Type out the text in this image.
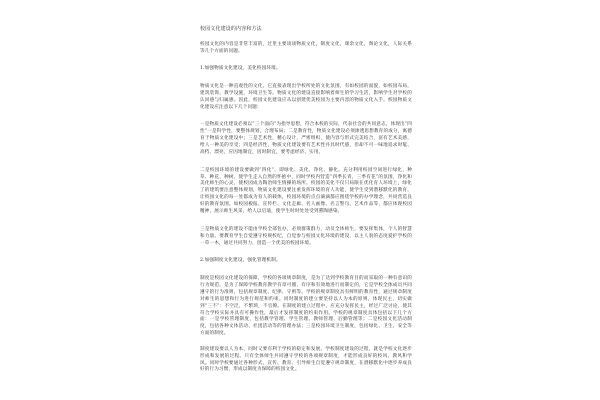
校园文化建设的内容和方法

校园文化的内容是非常丰富的，过里主要谈谈物质文化，制度文化，课余文化，舆论文化，人际关系等几个方面的问题。

1.加强物质文化建设，美化校园环境。

物质文化是一种直观性的文化，它直接表现出学校所处的文化氛围，有如校园的面貌，如校园布局，建筑装饰，教学设施，环境卫生等。物质文化的建设直接影响着师生的学习生活，影响学生对学校的认同感与归属感。因此，校园文化建设应从以创建优美校园为主要内容的物质文化入手。校园物质文化建设应注意以下几个问题：

一是物质文化建设必须以“三个面向”为指导思想，符合本校的实际，代表社会的共同意志，体现出“四性”一是科学性，要整体规划，合理布局；二是教育性，物质文化建设必须渗透思想教育的成分，寓德育于物质文化建设中；三是艺术性，精心设计，严密组织，使内容与形式完美结合，富有艺术美感，给人一种美的享受；四是经济性，物质文化建设要有艺术性并具时代感，但却不可一味地追求时髦、高档、漂亮，应因地制宜，因时制宜，要考虑经济、实用。

二是校园环境的建设要做到“四化”，即绿化、美化、净化、静化。充分利用校园空间进行绿化，种草、种花、种树，使学生走入自然的怀抱中，同时学校内营造“四季长青，三季有花”的氛围，净化和美化师生的心灵，使校园成为陶冶师生情操的场所。校园的美化不仅只局限在优化育人环境上，绿化了的建筑要注意整体规划，物质文化建设要注重发挥环境的育人功能，使学生受到潜移默化的教育，让校园文化的每一处都成为育人的载体，校园环境的点点滴滴都应围绕学校的办学理念，共同营造良好的教育氛围。如校园板报、宣传栏、文化走廊、名人画像、名言警句、艺术作品等，都应体现校园精神，展示师生风采，给人以启迪，使学生时时处处受到熏陶感染。

三是物质文化的建设不能由学校全部包办，必须群策群力，动员全体师生，要发挥集体，个人的智慧和力量。要教育学生自觉遵守校规校纪，自觉参与校园文化环境的建设，以主人翁的态度爱护学校的一草一木，通过共同努力，创造一个优美的校园环境。

2.加强制度文化建设，强化管理机制。

制度是校园文化建设的保障，学校的各项规章制度，是为了达到学校教育目的而采取的一种有意识的行为规范。是为了保障学校教育教学有章可循，有序和有效地进行而制定的，它是学校全体成员共同遵守的行为准则，包括规章制度、纪律、守则等。学校的规章制度具有鲜明的教育性，通过规章制度对师生的思想和行为进行规范和约束。同时制度的建立要坚持以人为本的原则，体现民主，切实做到“三不”：不空泛，不繁琐，不官僚。在制度的建立过程中，应充分发挥民主，经过广泛讨论，使其符合学校实际并具有可操作性，最后才发挥制度的约束作用。学校的规章制度具体包括以下几个方面：一是学校管理制度，包括教学管理、学生管理、教师管理、后勤管理等；二是校园文化活动制度，包括各种文体活动、社团活动等的管理办法；三是校园环境卫生制度，包括绿化、卫生、安全等方面的制度。

制度建设要以人为本，同时又要有利于学校的稳定和发展。学校制度建设的过程，就是学校文化逐步形成和发展的过程。只有全体师生共同遵守学校的各项规章制度，才能形成良好的校风、教风和学风。同时学校要通过各种形式，宣传、教育、引导师生自觉遵守规章制度，在潜移默化中逐步养成良好的行为习惯，形成以制度为保障的校园文化。
